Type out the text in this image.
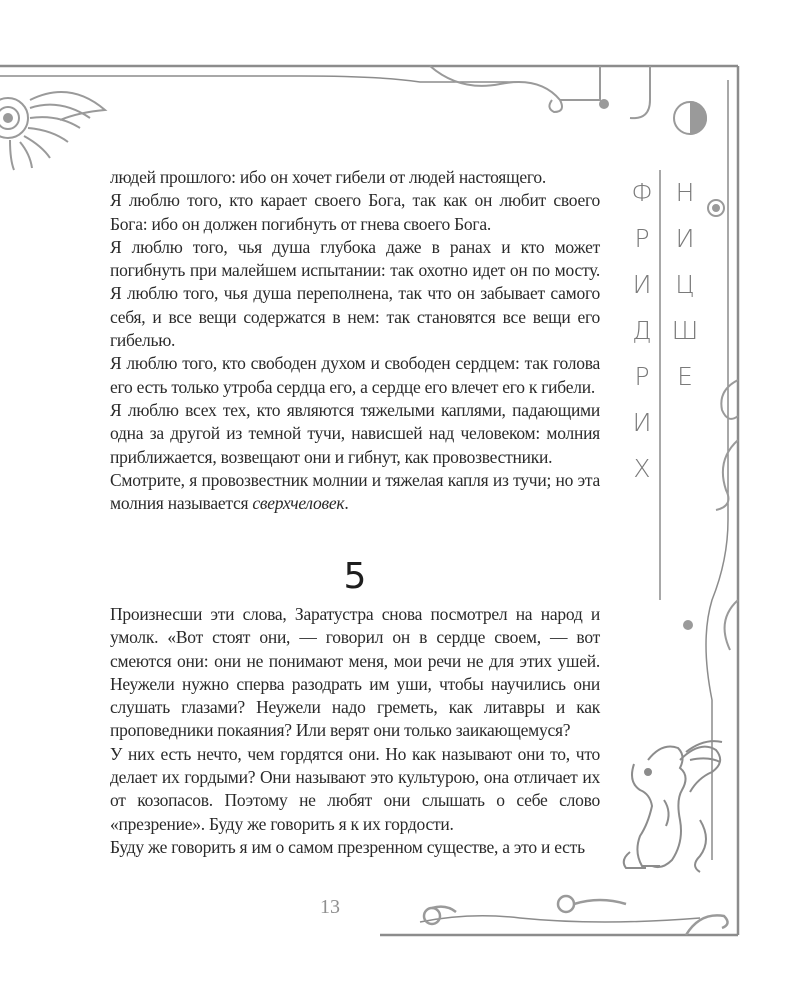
Ф
Р
И
Д
Р
И
Х
Н
И
Ц
Ш
Е

людей прошлого: ибо он хочет гибели от людей настоящего.

Я люблю того, кто карает своего Бога, так как он любит своего Бога: ибо он должен погибнуть от гнева своего Бога.

Я люблю того, чья душа глубока даже в ранах и кто может погибнуть при малейшем испытании: так охотно идет он по мосту. Я люблю того, чья душа переполнена, так что он забывает самого себя, и все вещи содержатся в нем: так становятся все вещи его гибелью.

Я люблю того, кто свободен духом и свободен сердцем: так голова его есть только утроба сердца его, а сердце его влечет его к гибели.

Я люблю всех тех, кто являются тяжелыми каплями, падающими одна за другой из темной тучи, нависшей над человеком: молния приближается, возвещают они и гибнут, как провозвестники.

Смотрите, я провозвестник молнии и тяжелая капля из тучи; но эта молния называется сверхчеловек.

5

Произнесши эти слова, Заратустра снова посмотрел на народ и умолк. «Вот стоят они, — говорил он в сердце своем, — вот смеются они: они не понимают меня, мои речи не для этих ушей. Неужели нужно сперва разодрать им уши, чтобы научились они слушать глазами? Неужели надо греметь, как литавры и как проповедники покаяния? Или верят они только заикающемуся?

У них есть нечто, чем гордятся они. Но как называют они то, что делает их гордыми? Они называют это культурою, она отличает их от козопасов. Поэтому не любят они слышать о себе слово «презрение». Буду же говорить я к их гордости.

Буду же говорить я им о самом презренном существе, а это и есть

13
